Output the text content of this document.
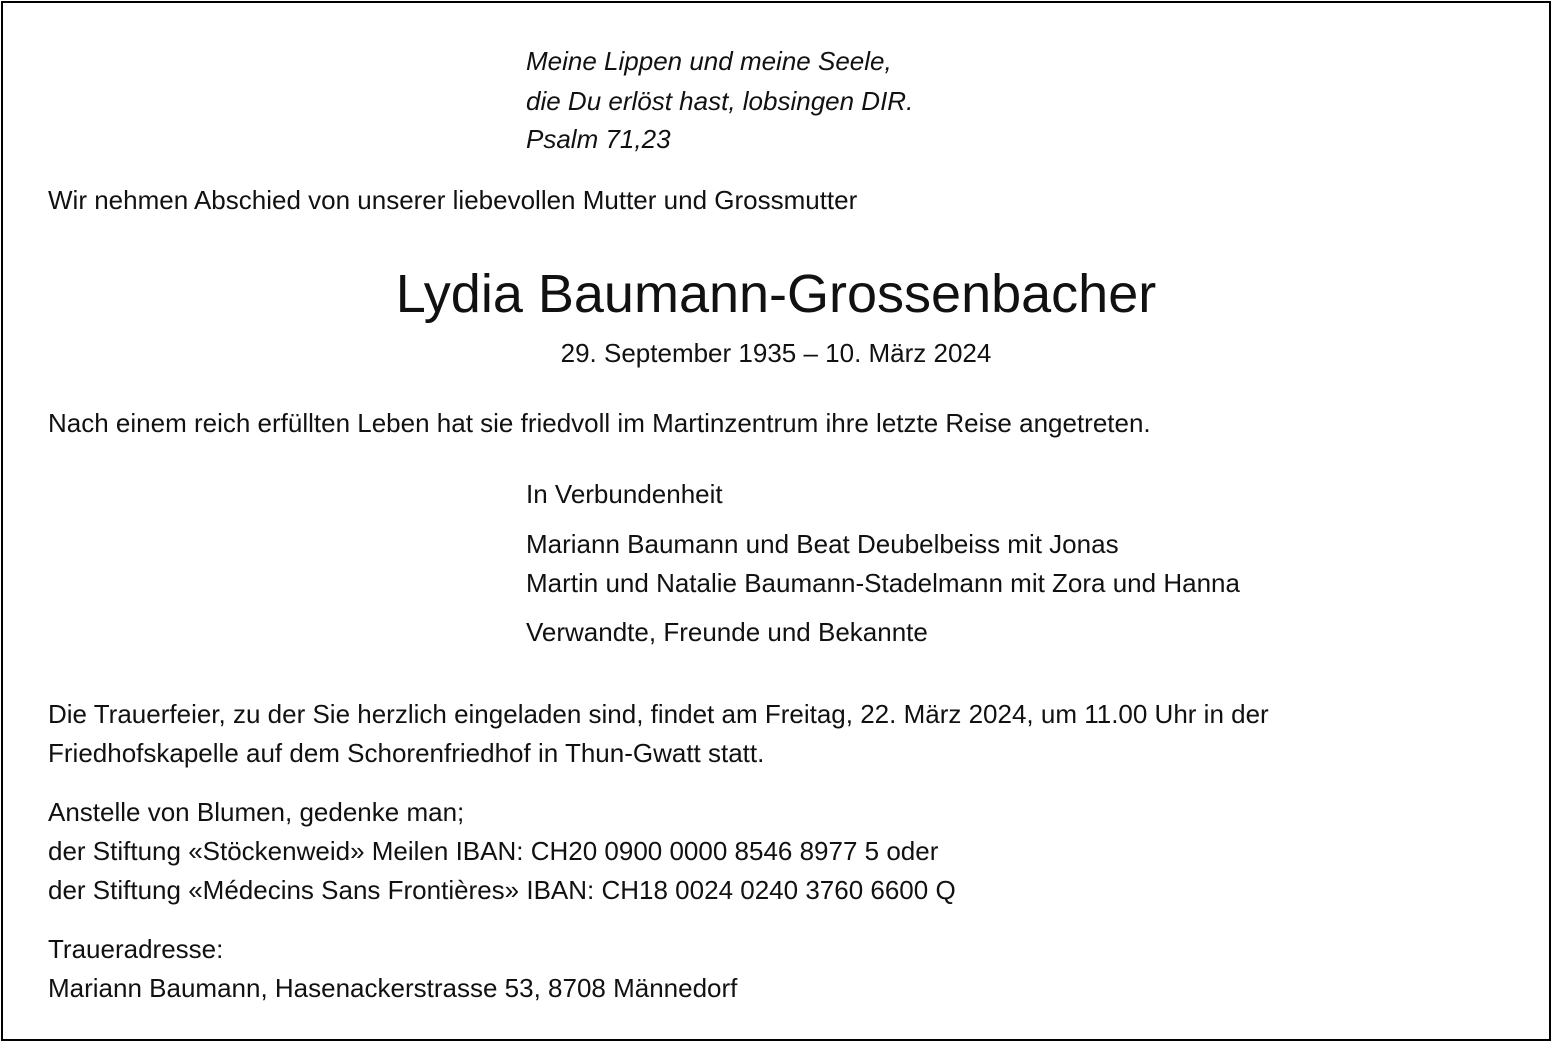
Meine Lippen und meine Seele,
die Du erlöst hast, lobsingen DIR.
Psalm 71,23
Wir nehmen Abschied von unserer liebevollen Mutter und Grossmutter
Lydia Baumann-Grossenbacher
29. September 1935 – 10. März 2024
Nach einem reich erfüllten Leben hat sie friedvoll im Martinzentrum ihre letzte Reise angetreten.
In Verbundenheit
Mariann Baumann und Beat Deubelbeiss mit Jonas
Martin und Natalie Baumann-Stadelmann mit Zora und Hanna
Verwandte, Freunde und Bekannte
Die Trauerfeier, zu der Sie herzlich eingeladen sind, findet am Freitag, 22. März 2024, um 11.00 Uhr in der
Friedhofskapelle auf dem Schorenfriedhof in Thun-Gwatt statt.
Anstelle von Blumen, gedenke man;
der Stiftung «Stöckenweid» Meilen IBAN: CH20 0900 0000 8546 8977 5 oder
der Stiftung «Médecins Sans Frontières» IBAN: CH18 0024 0240 3760 6600 Q
Traueradresse:
Mariann Baumann, Hasenackerstrasse 53, 8708 Männedorf
